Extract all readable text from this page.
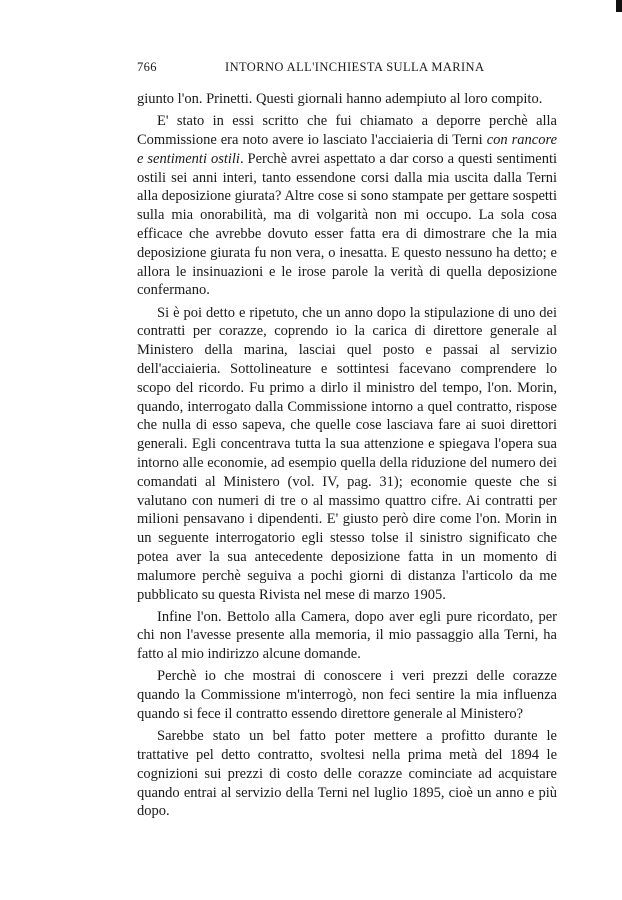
766	INTORNO ALL'INCHIESTA SULLA MARINA

giunto l'on. Prinetti. Questi giornali hanno adempiuto al loro compito.

E' stato in essi scritto che fui chiamato a deporre perchè alla Commissione era noto avere io lasciato l'acciaieria di Terni con rancore e sentimenti ostili. Perchè avrei aspettato a dar corso a questi sentimenti ostili sei anni interi, tanto essendone corsi dalla mia uscita dalla Terni alla deposizione giurata? Altre cose si sono stampate per gettare sospetti sulla mia onorabilità, ma di volgarità non mi occupo. La sola cosa efficace che avrebbe dovuto esser fatta era di dimostrare che la mia deposizione giurata fu non vera, o inesatta. E questo nessuno ha detto; e allora le insinuazioni e le irose parole la verità di quella deposizione confermano.

Si è poi detto e ripetuto, che un anno dopo la stipulazione di uno dei contratti per corazze, coprendo io la carica di direttore generale al Ministero della marina, lasciai quel posto e passai al servizio dell'acciaieria. Sottolineature e sottintesi facevano comprendere lo scopo del ricordo. Fu primo a dirlo il ministro del tempo, l'on. Morin, quando, interrogato dalla Commissione intorno a quel contratto, rispose che nulla di esso sapeva, che quelle cose lasciava fare ai suoi direttori generali. Egli concentrava tutta la sua attenzione e spiegava l'opera sua intorno alle economie, ad esempio quella della riduzione del numero dei comandati al Ministero (vol. IV, pag. 31); economie queste che si valutano con numeri di tre o al massimo quattro cifre. Ai contratti per milioni pensavano i dipendenti. E' giusto però dire come l'on. Morin in un seguente interrogatorio egli stesso tolse il sinistro significato che potea aver la sua antecedente deposizione fatta in un momento di malumore perchè seguiva a pochi giorni di distanza l'articolo da me pubblicato su questa Rivista nel mese di marzo 1905.

Infine l'on. Bettolo alla Camera, dopo aver egli pure ricordato, per chi non l'avesse presente alla memoria, il mio passaggio alla Terni, ha fatto al mio indirizzo alcune domande.

Perchè io che mostrai di conoscere i veri prezzi delle corazze quando la Commissione m'interrogò, non feci sentire la mia influenza quando si fece il contratto essendo direttore generale al Ministero?

Sarebbe stato un bel fatto poter mettere a profitto durante le trattative pel detto contratto, svoltesi nella prima metà del 1894 le cognizioni sui prezzi di costo delle corazze cominciate ad acquistare quando entrai al servizio della Terni nel luglio 1895, cioè un anno e più dopo.
